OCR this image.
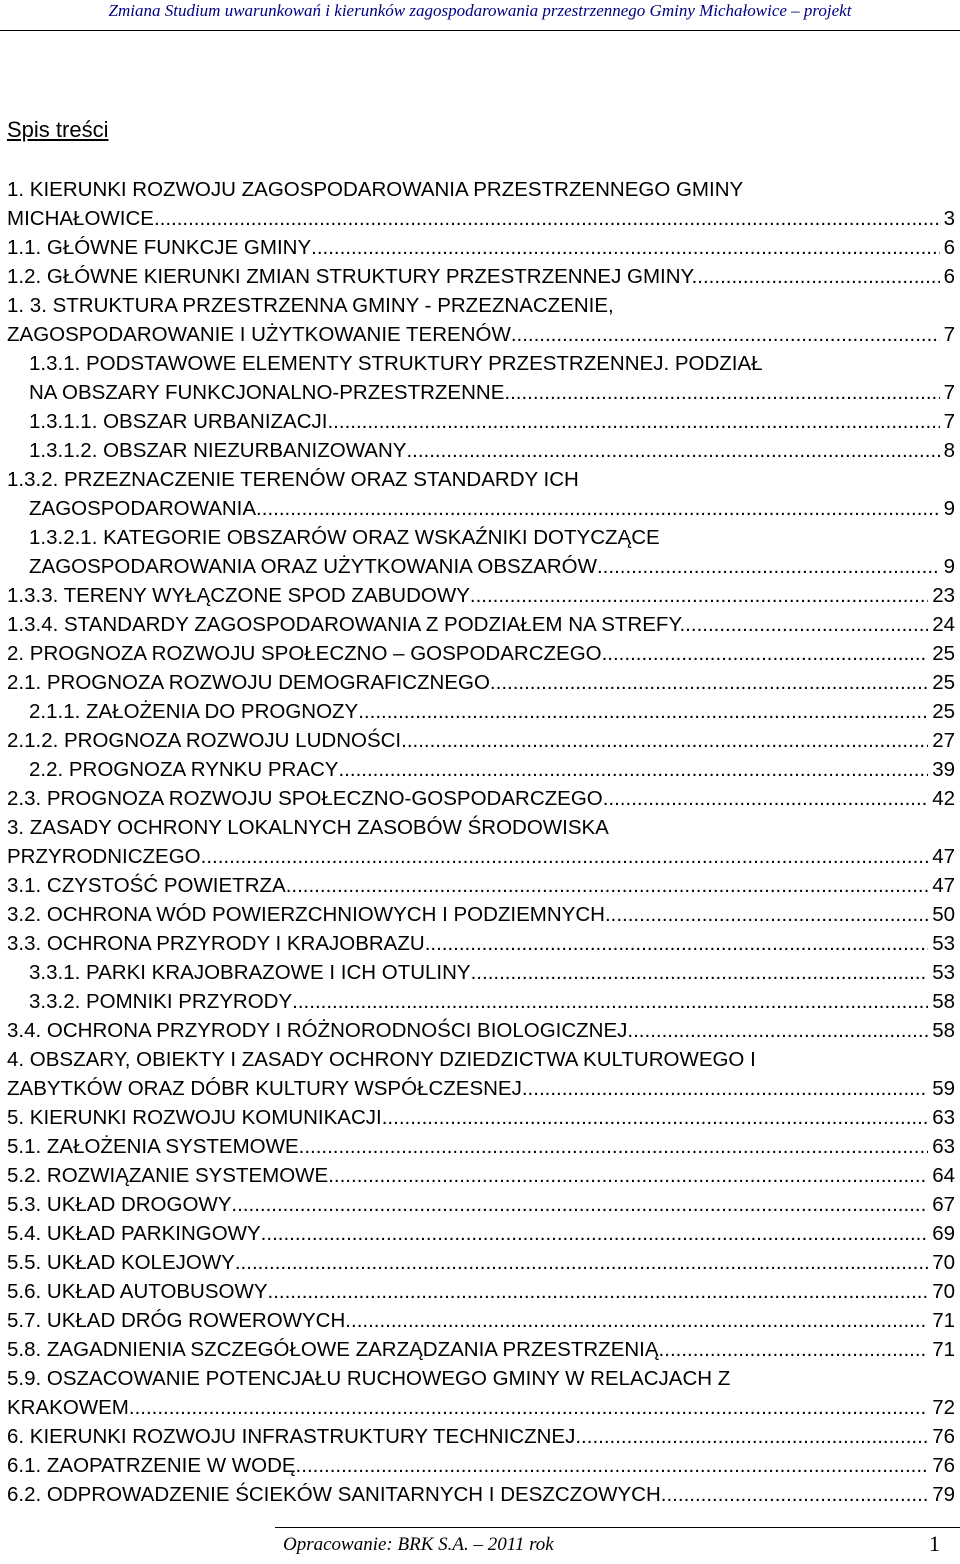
Zmiana Studium uwarunkowań i kierunków zagospodarowania przestrzennego Gminy Michałowice – projekt
Spis treści
1. KIERUNKI ROZWOJU ZAGOSPODAROWANIA PRZESTRZENNEGO GMINY
MICHAŁOWICE .....	3
1.1. GŁÓWNE FUNKCJE GMINY .....	6
1.2. GŁÓWNE KIERUNKI ZMIAN STRUKTURY PRZESTRZENNEJ GMINY. .....	6
1. 3. STRUKTURA PRZESTRZENNA GMINY - PRZEZNACZENIE,
ZAGOSPODAROWANIE I UŻYTKOWANIE TERENÓW .....	7
1.3.1. PODSTAWOWE ELEMENTY STRUKTURY PRZESTRZENNEJ. PODZIAŁ
NA OBSZARY FUNKCJONALNO-PRZESTRZENNE. .....	7
1.3.1.1. OBSZAR URBANIZACJI .....	7
1.3.1.2. OBSZAR NIEZURBANIZOWANY .....	8
1.3.2. PRZEZNACZENIE TERENÓW ORAZ STANDARDY ICH
ZAGOSPODAROWANIA .....	9
1.3.2.1. KATEGORIE OBSZARÓW ORAZ WSKAŹNIKI DOTYCZĄCE
ZAGOSPODAROWANIA ORAZ UŻYTKOWANIA OBSZARÓW .....	9
1.3.3. TERENY WYŁĄCZONE SPOD ZABUDOWY .....	23
1.3.4. STANDARDY ZAGOSPODAROWANIA Z PODZIAŁEM NA STREFY. .....	24
2. PROGNOZA ROZWOJU SPOŁECZNO – GOSPODARCZEGO .....	25
2.1. PROGNOZA ROZWOJU DEMOGRAFICZNEGO .....	25
2.1.1. ZAŁOŻENIA DO PROGNOZY .....	25
2.1.2. PROGNOZA ROZWOJU LUDNOŚCI .....	27
2.2. PROGNOZA RYNKU PRACY .....	39
2.3. PROGNOZA ROZWOJU SPOŁECZNO-GOSPODARCZEGO .....	42
3. ZASADY OCHRONY LOKALNYCH ZASOBÓW ŚRODOWISKA
PRZYRODNICZEGO .....	47
3.1. CZYSTOŚĆ POWIETRZA .....	47
3.2. OCHRONA WÓD POWIERZCHNIOWYCH I PODZIEMNYCH .....	50
3.3. OCHRONA PRZYRODY I KRAJOBRAZU .....	53
3.3.1. PARKI KRAJOBRAZOWE I ICH OTULINY .....	53
3.3.2. POMNIKI PRZYRODY .....	58
3.4. OCHRONA PRZYRODY I RÓŻNORODNOŚCI BIOLOGICZNEJ .....	58
4. OBSZARY, OBIEKTY I ZASADY OCHRONY DZIEDZICTWA KULTUROWEGO I
ZABYTKÓW ORAZ DÓBR KULTURY WSPÓŁCZESNEJ .....	59
5. KIERUNKI ROZWOJU KOMUNIKACJI .....	63
5.1. ZAŁOŻENIA SYSTEMOWE .....	63
5.2. ROZWIĄZANIE SYSTEMOWE .....	64
5.3. UKŁAD DROGOWY .....	67
5.4. UKŁAD PARKINGOWY .....	69
5.5. UKŁAD KOLEJOWY .....	70
5.6. UKŁAD AUTOBUSOWY .....	70
5.7. UKŁAD DRÓG ROWEROWYCH .....	71
5.8. ZAGADNIENIA SZCZEGÓŁOWE ZARZĄDZANIA PRZESTRZENIĄ. .....	71
5.9. OSZACOWANIE POTENCJAŁU RUCHOWEGO GMINY W RELACJACH Z
KRAKOWEM .....	72
6. KIERUNKI ROZWOJU INFRASTRUKTURY TECHNICZNEJ .....	76
6.1. ZAOPATRZENIE W WODĘ .....	76
6.2. ODPROWADZENIE ŚCIEKÓW SANITARNYCH I DESZCZOWYCH .....	79
Opracowanie: BRK S.A. – 2011 rok	1
